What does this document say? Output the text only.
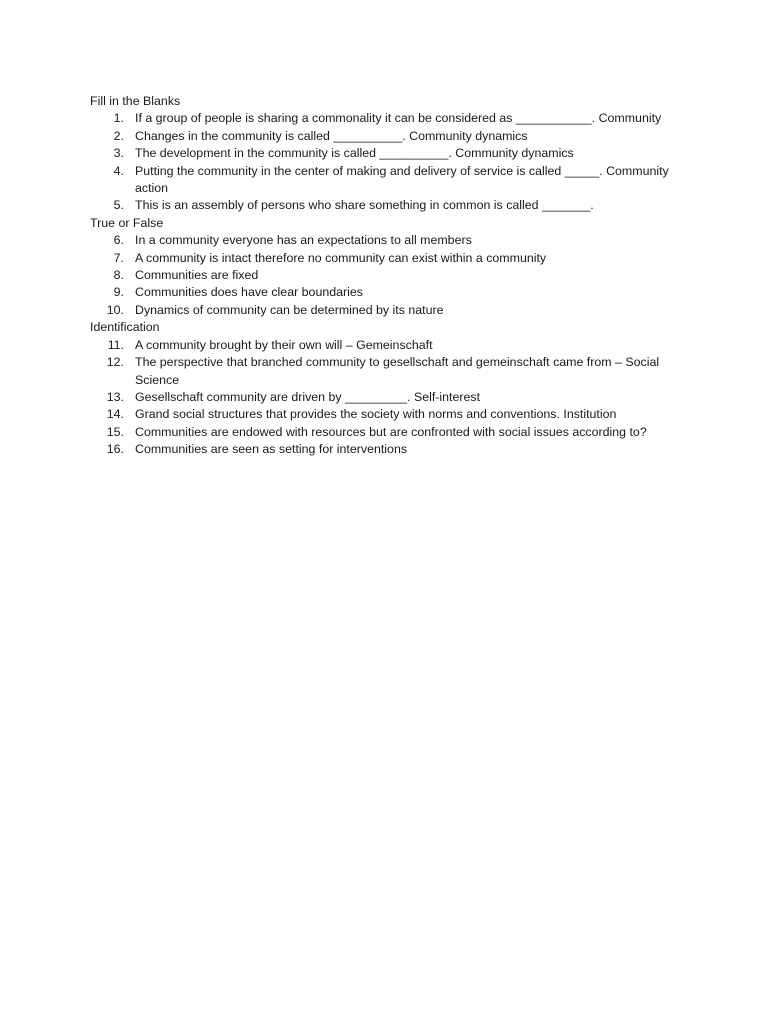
Fill in the Blanks
1. If a group of people is sharing a commonality it can be considered as ___________. Community
2. Changes in the community is called __________. Community dynamics
3. The development in the community is called __________. Community dynamics
4. Putting the community in the center of making and delivery of service is called _____. Community action
5. This is an assembly of persons who share something in common is called _______.
True or False
6. In a community everyone has an expectations to all members
7. A community is intact therefore no community can exist within a community
8. Communities are fixed
9. Communities does have clear boundaries
10. Dynamics of community can be determined by its nature
Identification
11. A community brought by their own will – Gemeinschaft
12. The perspective that branched community to gesellschaft and gemeinschaft came from – Social Science
13. Gesellschaft community are driven by _________. Self-interest
14. Grand social structures that provides the society with norms and conventions. Institution
15. Communities are endowed with resources but are confronted with social issues according to?
16. Communities are seen as setting for interventions
